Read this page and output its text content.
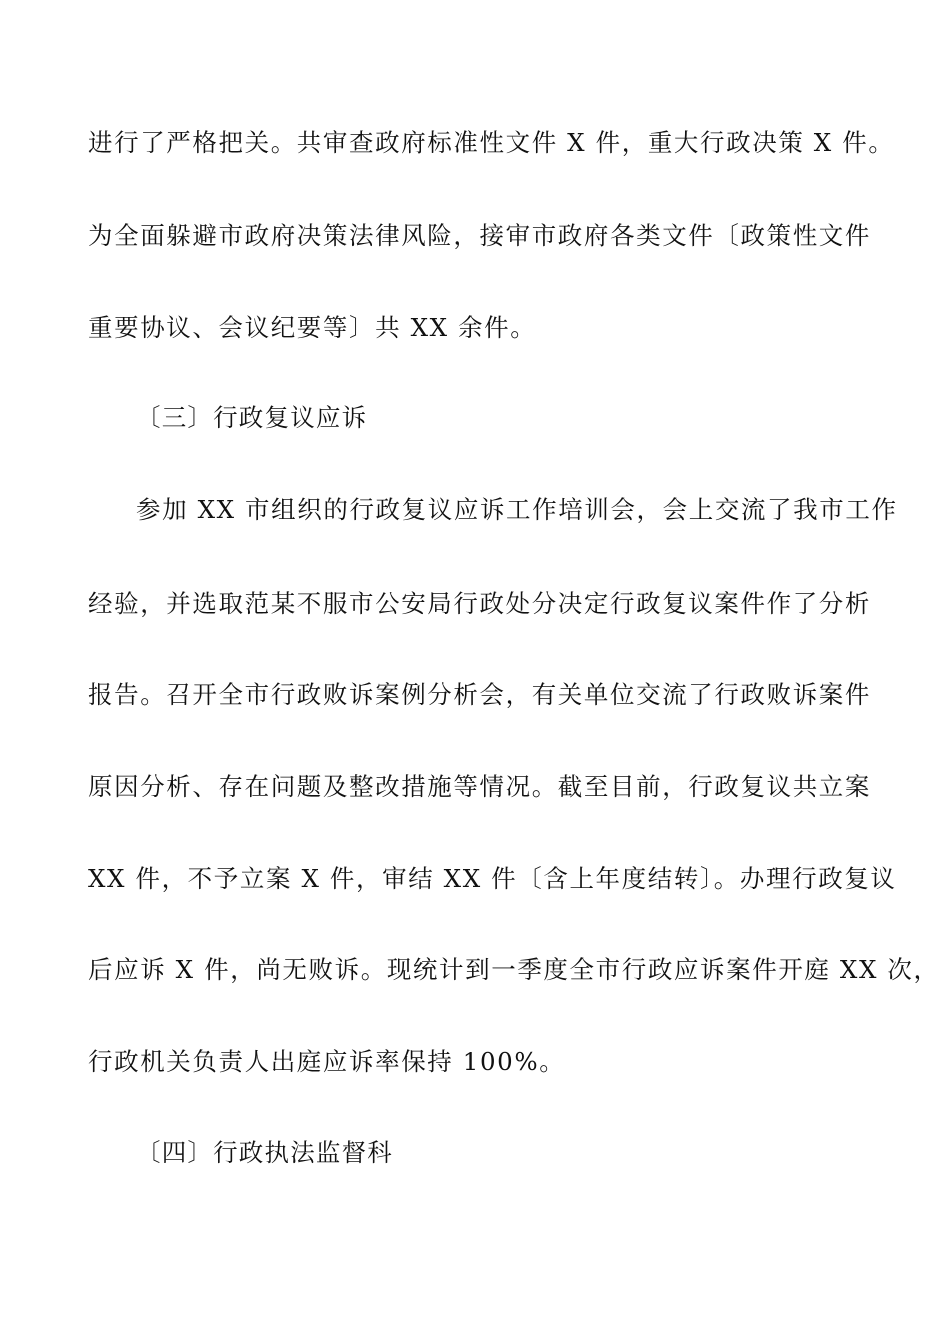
进行了严格把关。共审查政府标准性文件 X 件，重大行政决策 X 件。
为全面躲避市政府决策法律风险，接审市政府各类文件〔政策性文件
重要协议、会议纪要等〕共 XX 余件。
〔三〕行政复议应诉
参加 XX 市组织的行政复议应诉工作培训会，会上交流了我市工作
经验，并选取范某不服市公安局行政处分决定行政复议案件作了分析
报告。召开全市行政败诉案例分析会，有关单位交流了行政败诉案件
原因分析、存在问题及整改措施等情况。截至目前，行政复议共立案
XX 件，不予立案 X 件，审结 XX 件〔含上年度结转〕。办理行政复议
后应诉 X 件，尚无败诉。现统计到一季度全市行政应诉案件开庭 XX 次，
行政机关负责人出庭应诉率保持 100%。
〔四〕行政执法监督科
